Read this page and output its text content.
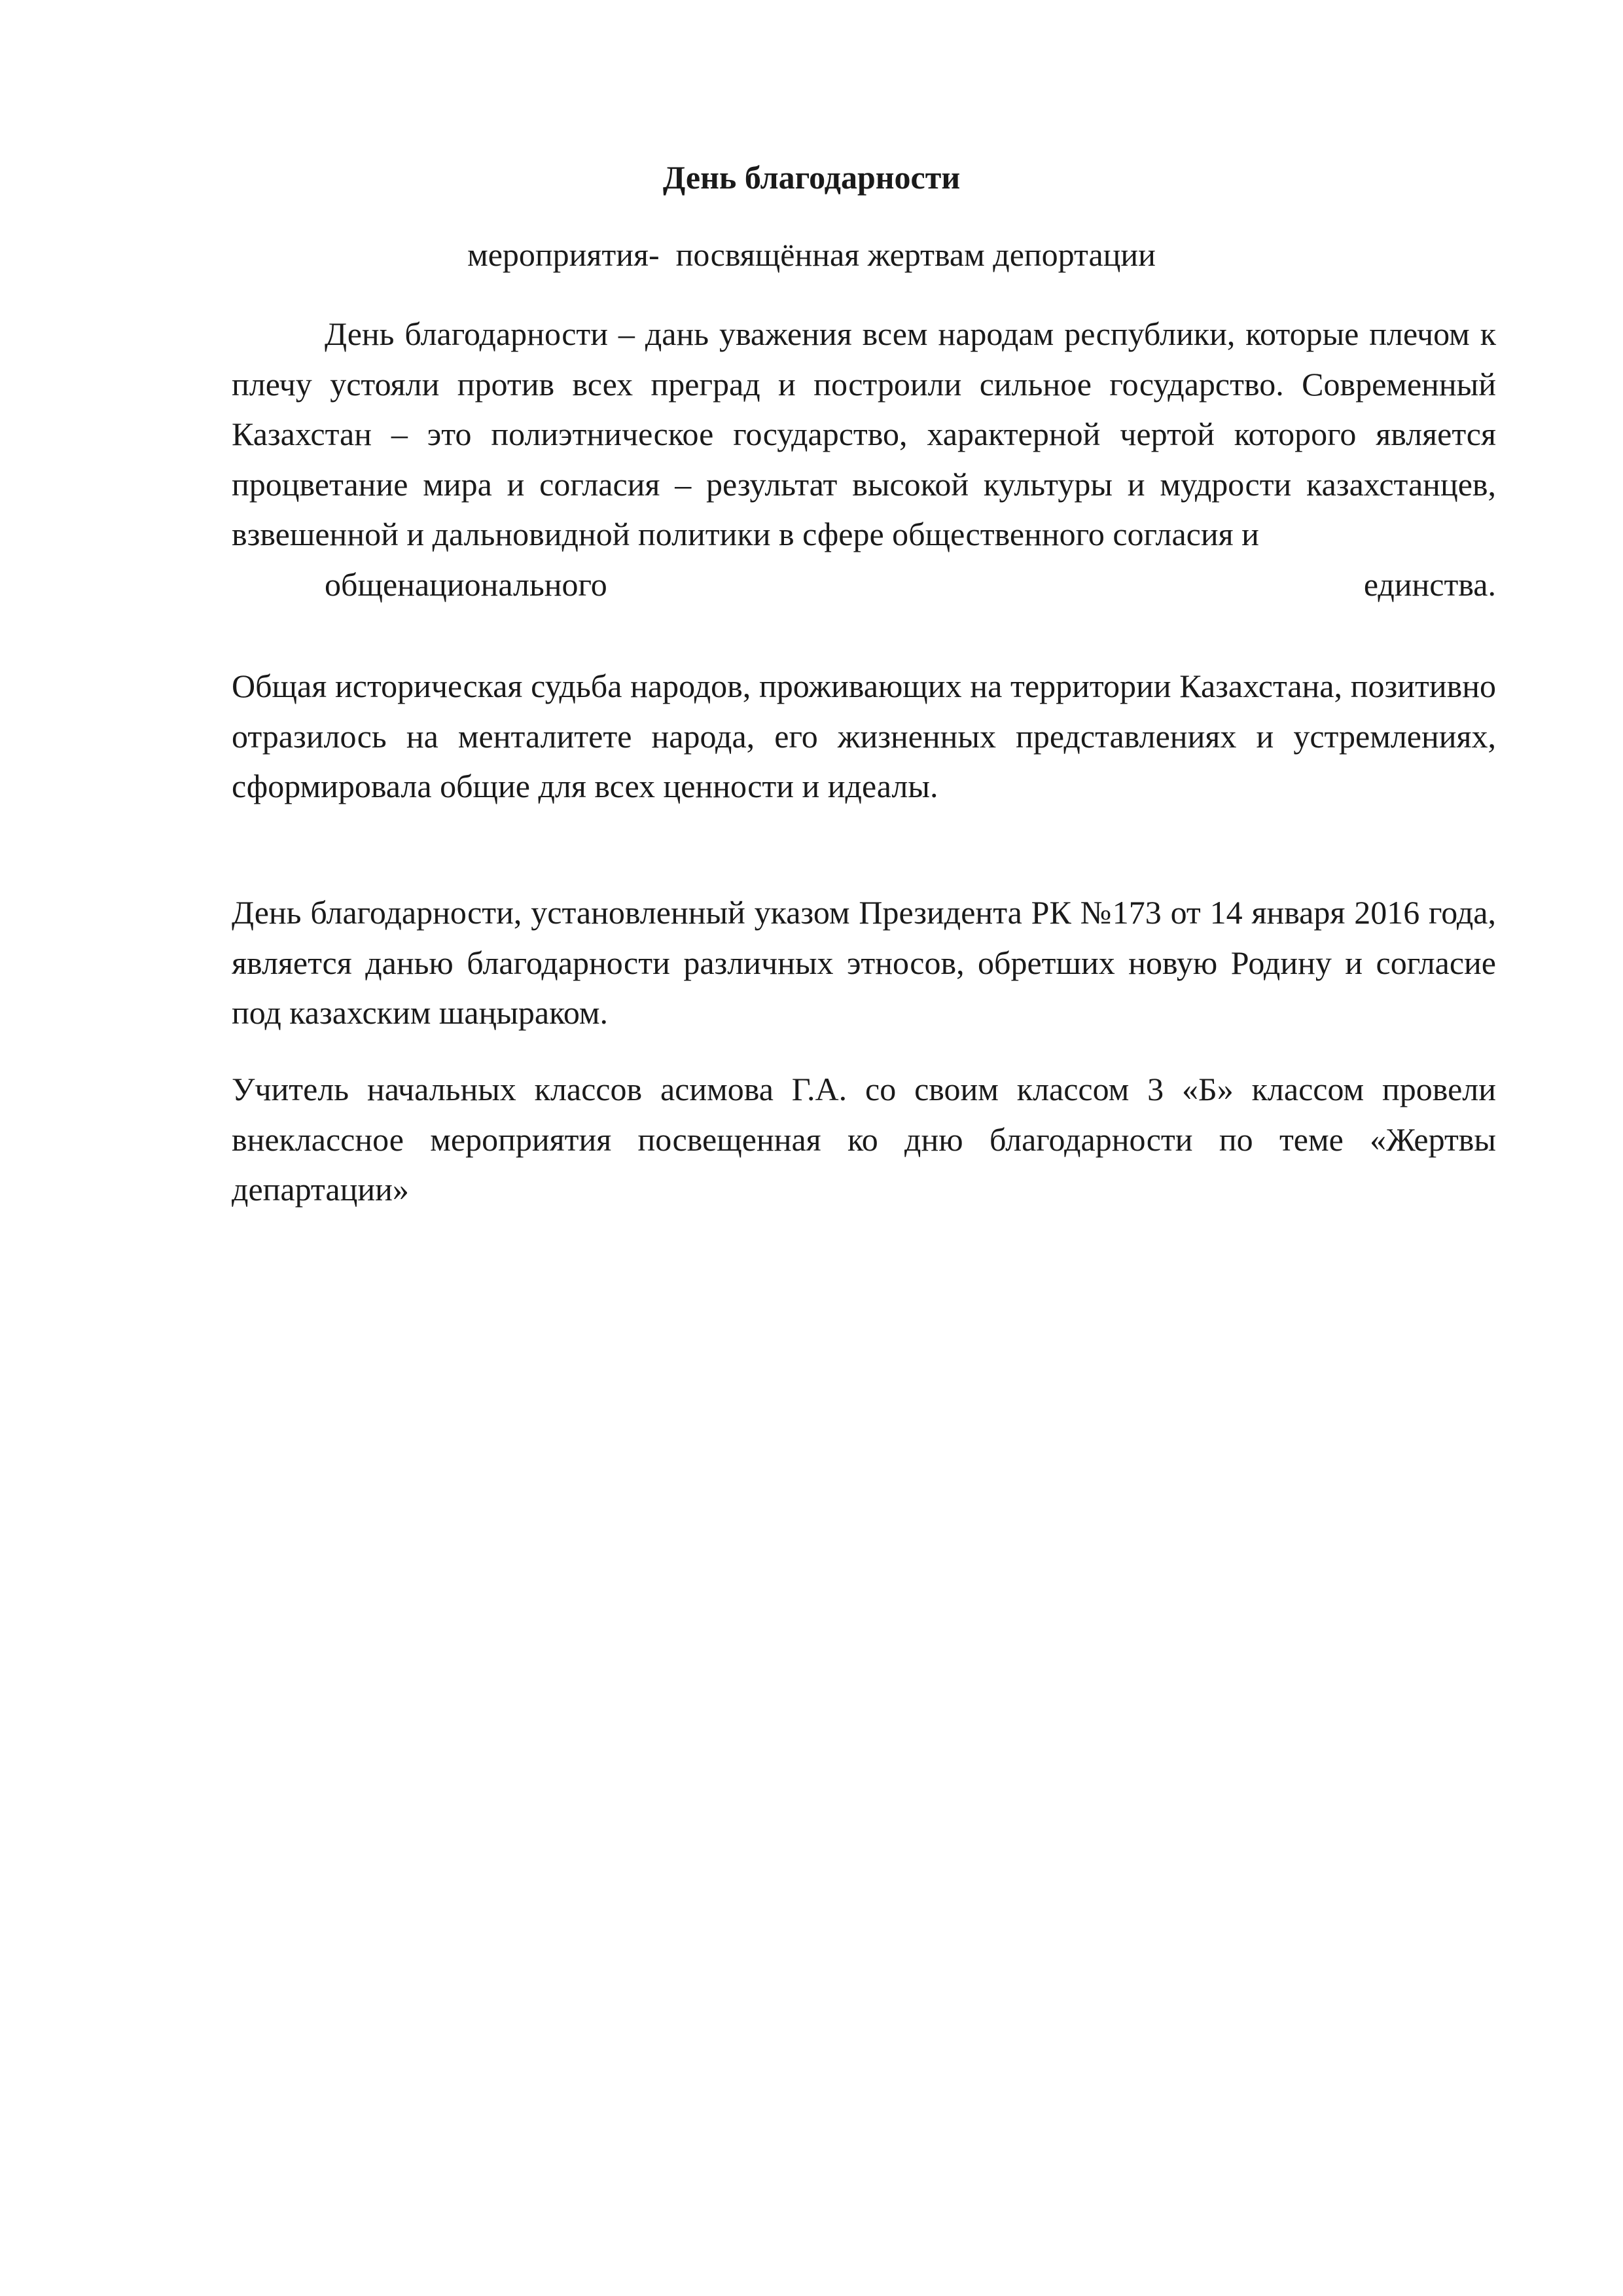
День благодарности

мероприятия-  посвящённая жертвам депортации

День благодарности – дань уважения всем народам республики, которые плечом к плечу устояли против всех преград и построили сильное государство. Современный Казахстан – это полиэтническое государство, характерной чертой которого является процветание мира и согласия – результат высокой культуры и мудрости казахстанцев, взвешенной и дальновидной политики в сфере общественного согласия и
общенационального	единства.

Общая историческая судьба народов, проживающих на территории Казахстана, позитивно отразилось на менталитете народа, его жизненных представлениях и устремлениях, сформировала общие для всех ценности и идеалы.

День благодарности, установленный указом Президента РК №173 от 14 января 2016 года, является данью благодарности различных этносов, обретших новую Родину и согласие под казахским шаңыраком.

Учитель начальных классов асимова Г.А. со своим классом 3 «Б» классом провели внеклассное мероприятия посвещенная ко дню благодарности по теме «Жертвы департации»
